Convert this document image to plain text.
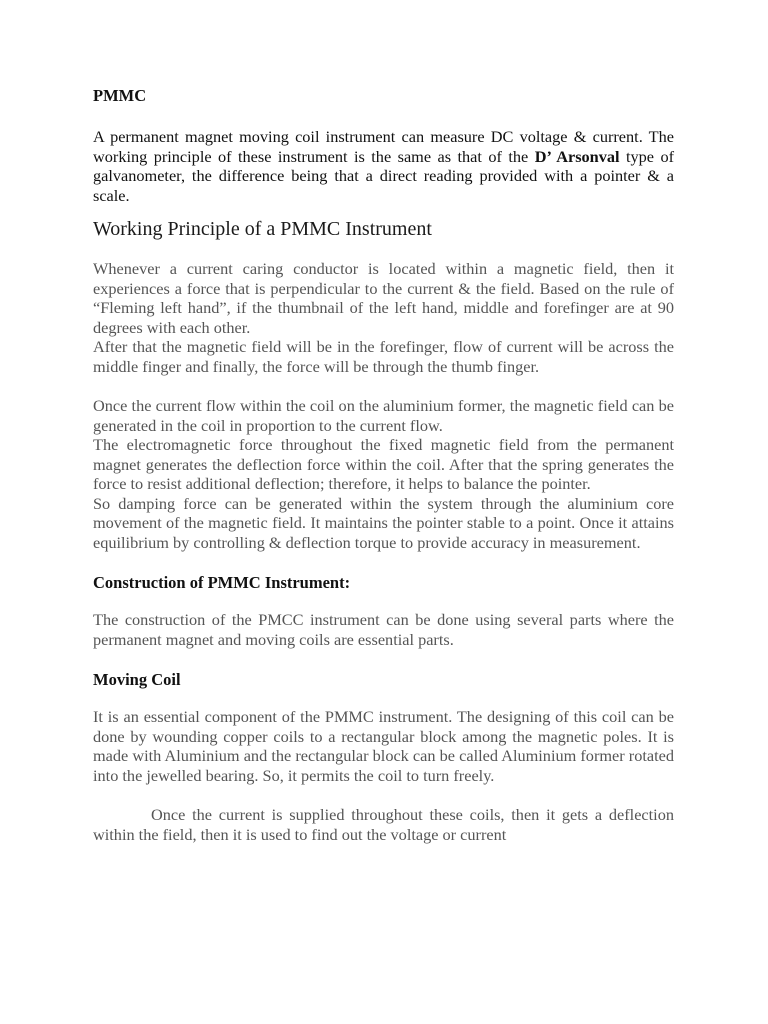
PMMC

A permanent magnet moving coil instrument can measure DC voltage & current. The working principle of these instrument is the same as that of the D’ Arsonval type of galvanometer, the difference being that a direct reading provided with a pointer & a scale.

Working Principle of a PMMC Instrument

Whenever a current caring conductor is located within a magnetic field, then it experiences a force that is perpendicular to the current & the field. Based on the rule of “Fleming left hand”, if the thumbnail of the left hand, middle and forefinger are at 90 degrees with each other.

After that the magnetic field will be in the forefinger, flow of current will be across the middle finger and finally, the force will be through the thumb finger.

Once the current flow within the coil on the aluminium former, the magnetic field can be generated in the coil in proportion to the current flow.

The electromagnetic force throughout the fixed magnetic field from the permanent magnet generates the deflection force within the coil. After that the spring generates the force to resist additional deflection; therefore, it helps to balance the pointer.

So damping force can be generated within the system through the aluminium core movement of the magnetic field. It maintains the pointer stable to a point. Once it attains equilibrium by controlling & deflection torque to provide accuracy in measurement.

Construction of PMMC Instrument:

The construction of the PMCC instrument can be done using several parts where the permanent magnet and moving coils are essential parts.

Moving Coil

It is an essential component of the PMMC instrument. The designing of this coil can be done by wounding copper coils to a rectangular block among the magnetic poles. It is made with Aluminium and the rectangular block can be called Aluminium former rotated into the jewelled bearing. So, it permits the coil to turn freely.

Once the current is supplied throughout these coils, then it gets a deflection within the field, then it is used to find out the voltage or current
